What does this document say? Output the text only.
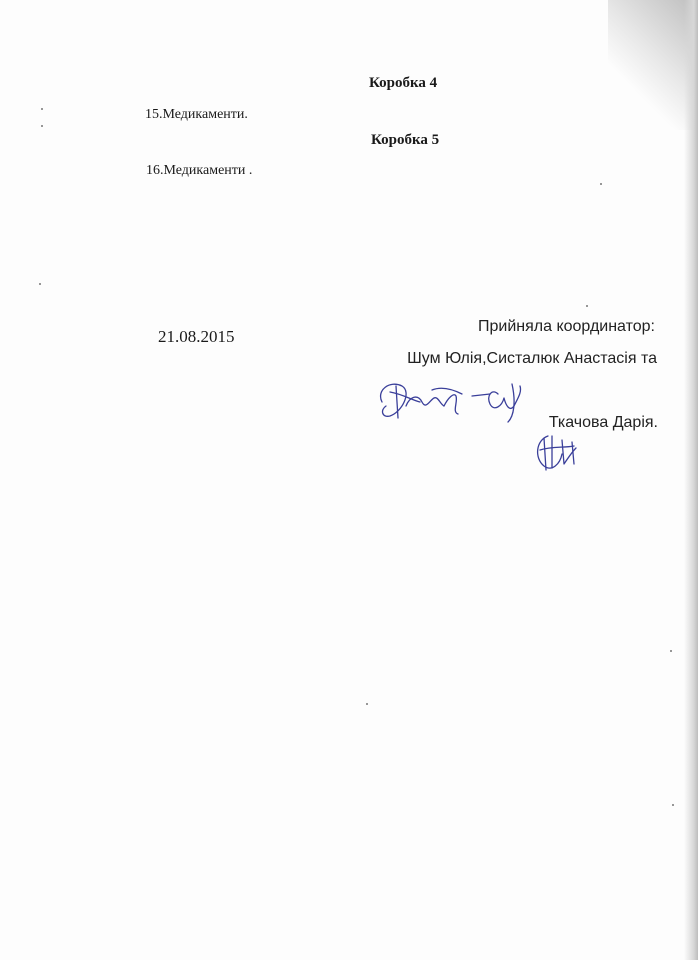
Коробка 4
15.Медикаменти.
Коробка 5
16.Медикаменти .
21.08.2015
Прийняла координатор:
Шум Юлія,Систалюк Анастасія та
Ткачова Дарія.
